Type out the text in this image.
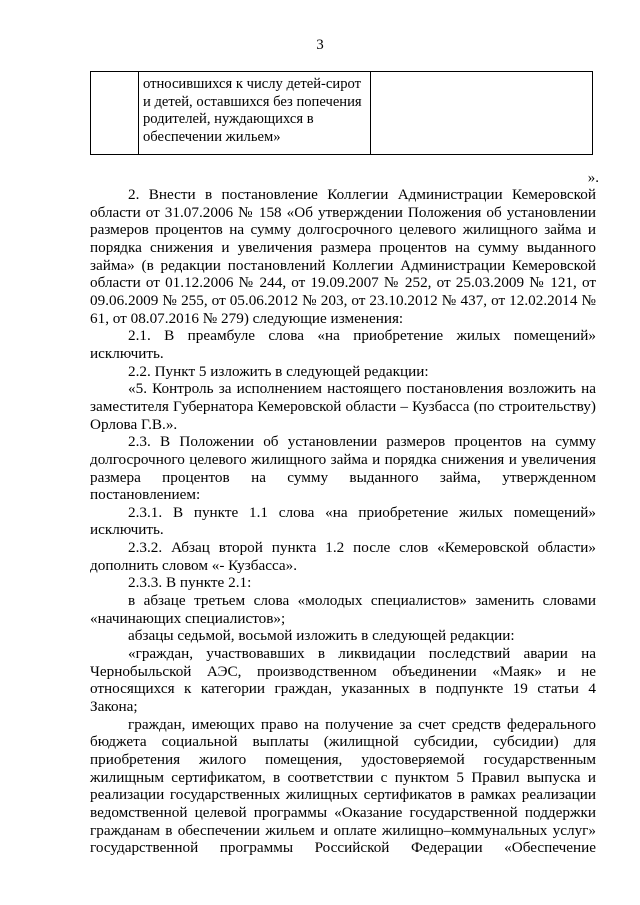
3
	относившихся к числу детей-сирот и детей, оставшихся без попечения родителей, нуждающихся в обеспечении жильем»	
».

2. Внести в постановление Коллегии Администрации Кемеровской области от 31.07.2006 № 158 «Об утверждении Положения об установлении размеров процентов на сумму долгосрочного целевого жилищного займа и порядка снижения и увеличения размера процентов на сумму выданного займа» (в редакции постановлений Коллегии Администрации Кемеровской области от 01.12.2006 № 244, от 19.09.2007 № 252, от 25.03.2009 № 121, от 09.06.2009 № 255, от 05.06.2012 № 203, от 23.10.2012 № 437, от 12.02.2014 № 61, от 08.07.2016 № 279) следующие изменения:

2.1. В преамбуле слова «на приобретение жилых помещений» исключить.

2.2. Пункт 5 изложить в следующей редакции:

«5. Контроль за исполнением настоящего постановления возложить на заместителя Губернатора Кемеровской области – Кузбасса (по строительству) Орлова Г.В.».

2.3. В Положении об установлении размеров процентов на сумму долгосрочного целевого жилищного займа и порядка снижения и увеличения размера процентов на сумму выданного займа, утвержденном постановлением:

2.3.1. В пункте 1.1 слова «на приобретение жилых помещений» исключить.

2.3.2. Абзац второй пункта 1.2 после слов «Кемеровской области» дополнить словом «- Кузбасса».

2.3.3. В пункте 2.1:

в абзаце третьем слова «молодых специалистов» заменить словами «начинающих специалистов»;

абзацы седьмой, восьмой изложить в следующей редакции:

«граждан, участвовавших в ликвидации последствий аварии на Чернобыльской АЭС, производственном объединении «Маяк» и не относящихся к категории граждан, указанных в подпункте 19 статьи 4 Закона;

граждан, имеющих право на получение за счет средств федерального бюджета социальной выплаты (жилищной субсидии, субсидии) для приобретения жилого помещения, удостоверяемой государственным жилищным сертификатом, в соответствии с пунктом 5 Правил выпуска и реализации государственных жилищных сертификатов в рамках реализации ведомственной целевой программы «Оказание государственной поддержки гражданам в обеспечении жильем и оплате жилищно–коммунальных услуг» государственной программы Российской Федерации «Обеспечение
